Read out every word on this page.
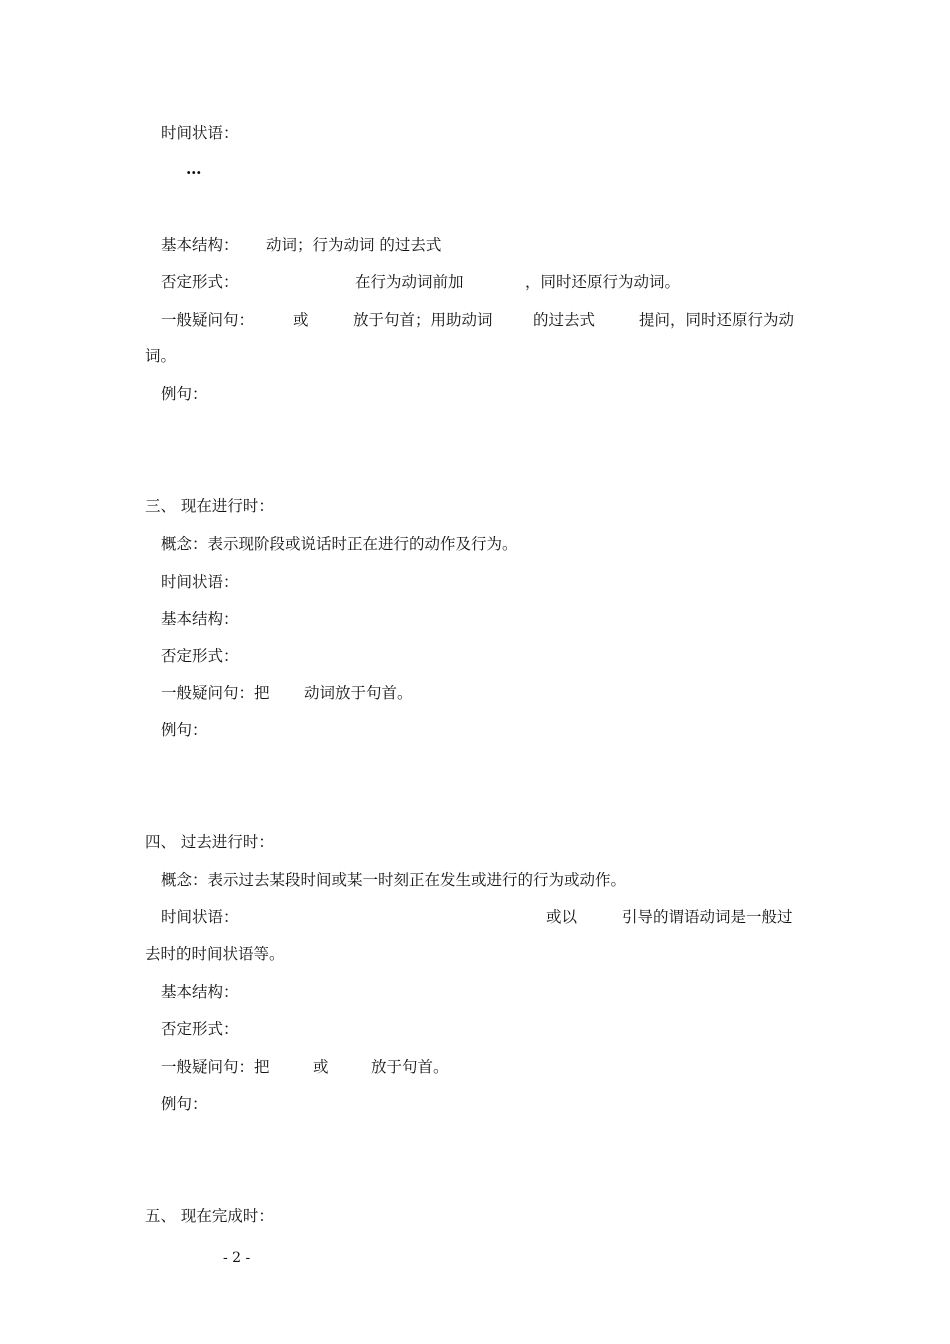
时间状语：
…
基本结构： 动词；行为动词 的过去式
否定形式：	在行为动词前加	，同时还原行为动词。
一般疑问句：	或	放于句首；用助动词	的过去式	提问，同时还原行为动
词。
例句：
三、 现在进行时：
概念：表示现阶段或说话时正在进行的动作及行为。
时间状语：
基本结构：
否定形式：
一般疑问句：把 动词放于句首。
例句：
四、 过去进行时：
概念：表示过去某段时间或某一时刻正在发生或进行的行为或动作。
时间状语：	或以	引导的谓语动词是一般过
去时的时间状语等。
基本结构：
否定形式：
一般疑问句：把	或	放于句首。
例句：
五、 现在完成时：
- 2 -
